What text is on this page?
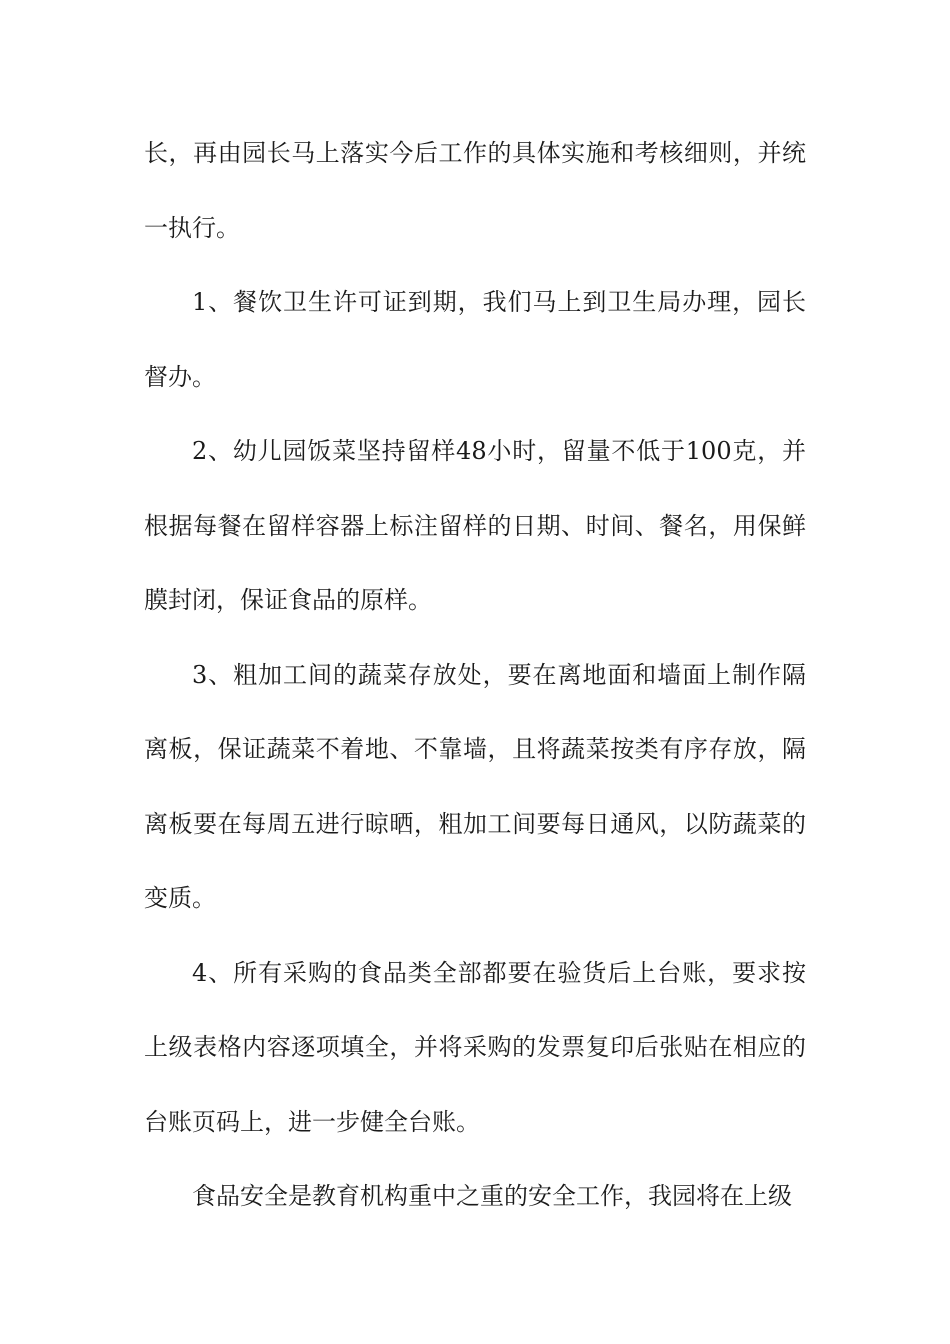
长，再由园长马上落实今后工作的具体实施和考核细则，并统一执行。

1、餐饮卫生许可证到期，我们马上到卫生局办理，园长督办。

2、幼儿园饭菜坚持留样48小时，留量不低于100克，并根据每餐在留样容器上标注留样的日期、时间、餐名，用保鲜膜封闭，保证食品的原样。

3、粗加工间的蔬菜存放处，要在离地面和墙面上制作隔离板，保证蔬菜不着地、不靠墙，且将蔬菜按类有序存放，隔离板要在每周五进行晾晒，粗加工间要每日通风，以防蔬菜的变质。

4、所有采购的食品类全部都要在验货后上台账，要求按上级表格内容逐项填全，并将采购的发票复印后张贴在相应的台账页码上，进一步健全台账。

食品安全是教育机构重中之重的安全工作，我园将在上级
